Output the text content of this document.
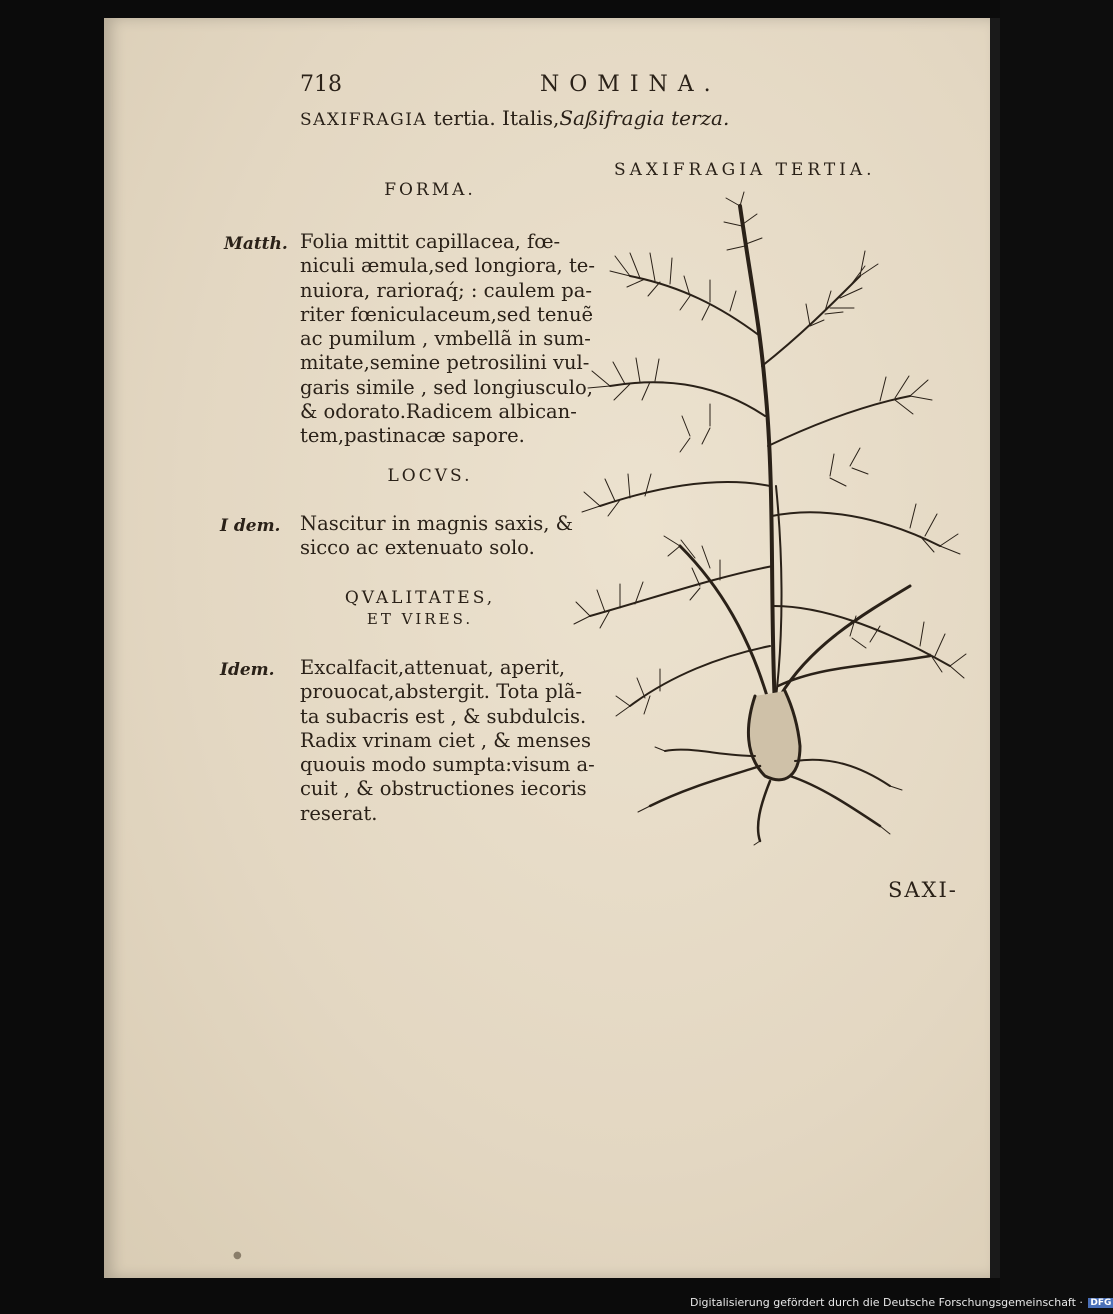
718	NOMINA.
SAXIFRAGIA tertia. Italis,Saßifragia terza.
SAXIFRAGIA TERTIA.
FORMA.
Matth. Folia mittit capillacea, fœ-
niculi æmula,sed longiora, te-
nuiora, rarioraq́; : caulem pa-
riter fœniculaceum,sed tenuẽ
ac pumilum , vmbellã in sum-
mitate,semine petrosilini vul-
garis simile , sed longiusculo,
& odorato.Radicem albican-
tem,pastinacæ sapore.
LOCVS.
I dem. Nascitur in magnis saxis, &
sicco ac extenuato solo.
QVALITATES,
ET VIRES.
Idem. Excalfacit,attenuat, aperit,
prouocat,abstergit. Tota plã-
ta subacris est , & subdulcis.
Radix vrinam ciet , & menses
quouis modo sumpta:visum a-
cuit , & obstructiones iecoris
reserat.
SAXI-
●
Digitalisierung gefördert durch die Deutsche Forschungsgemeinschaft · DFG
